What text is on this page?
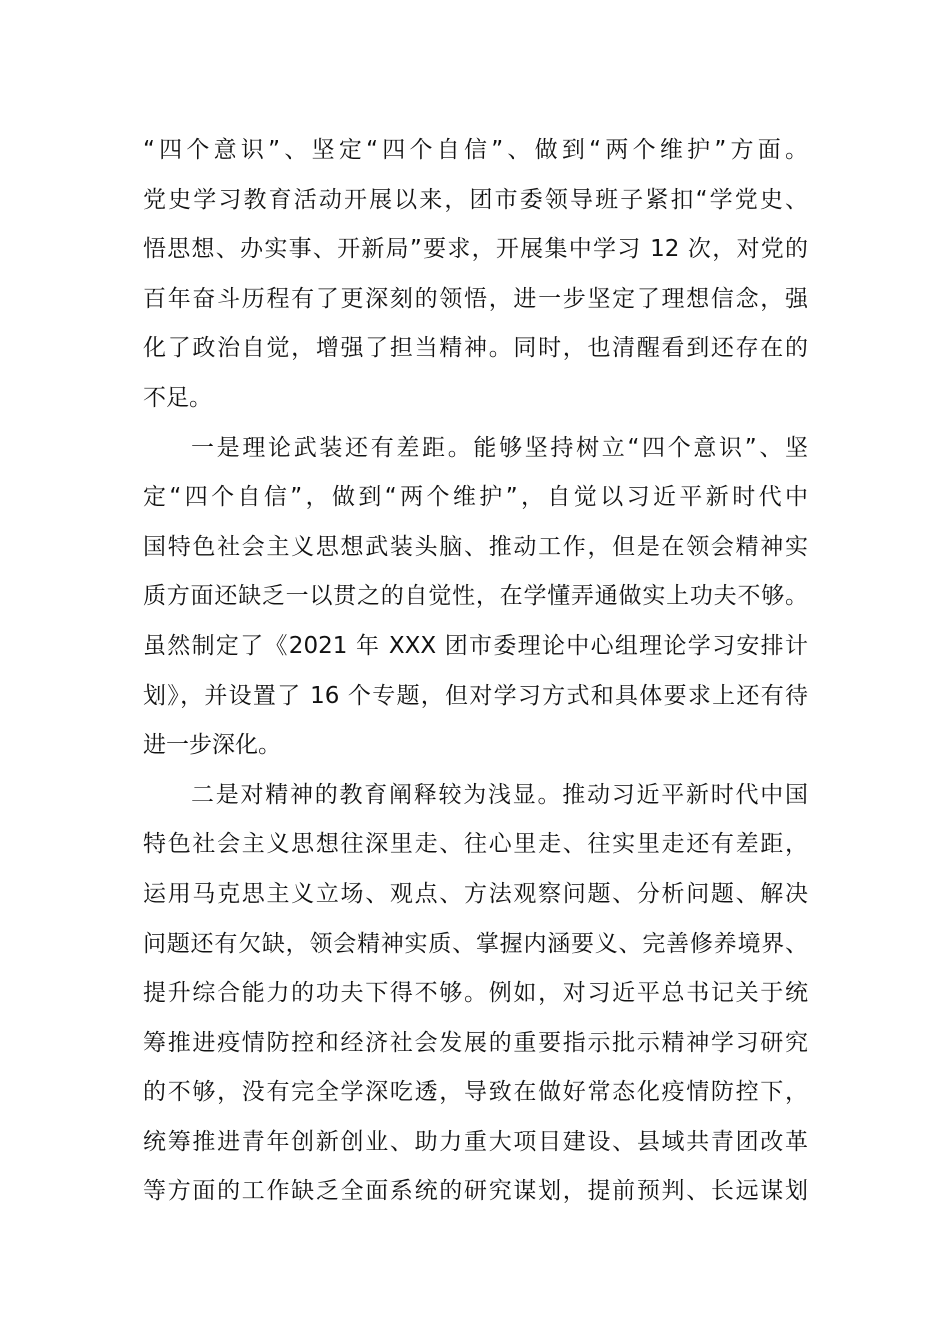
“四个意识”、坚定“四个自信”、做到“两个维护”方面。
党史学习教育活动开展以来，团市委领导班子紧扣“学党史、
悟思想、办实事、开新局”要求，开展集中学习 12 次，对党的
百年奋斗历程有了更深刻的领悟，进一步坚定了理想信念，强
化了政治自觉，增强了担当精神。同时，也清醒看到还存在的
不足。
一是理论武装还有差距。能够坚持树立“四个意识”、坚
定“四个自信”，做到“两个维护”，自觉以习近平新时代中
国特色社会主义思想武装头脑、推动工作，但是在领会精神实
质方面还缺乏一以贯之的自觉性，在学懂弄通做实上功夫不够。
虽然制定了《2021 年 XXX 团市委理论中心组理论学习安排计
划》，并设置了 16 个专题，但对学习方式和具体要求上还有待
进一步深化。
二是对精神的教育阐释较为浅显。推动习近平新时代中国
特色社会主义思想往深里走、往心里走、往实里走还有差距，
运用马克思主义立场、观点、方法观察问题、分析问题、解决
问题还有欠缺，领会精神实质、掌握内涵要义、完善修养境界、
提升综合能力的功夫下得不够。例如，对习近平总书记关于统
筹推进疫情防控和经济社会发展的重要指示批示精神学习研究
的不够，没有完全学深吃透，导致在做好常态化疫情防控下，
统筹推进青年创新创业、助力重大项目建设、县域共青团改革
等方面的工作缺乏全面系统的研究谋划，提前预判、长远谋划
